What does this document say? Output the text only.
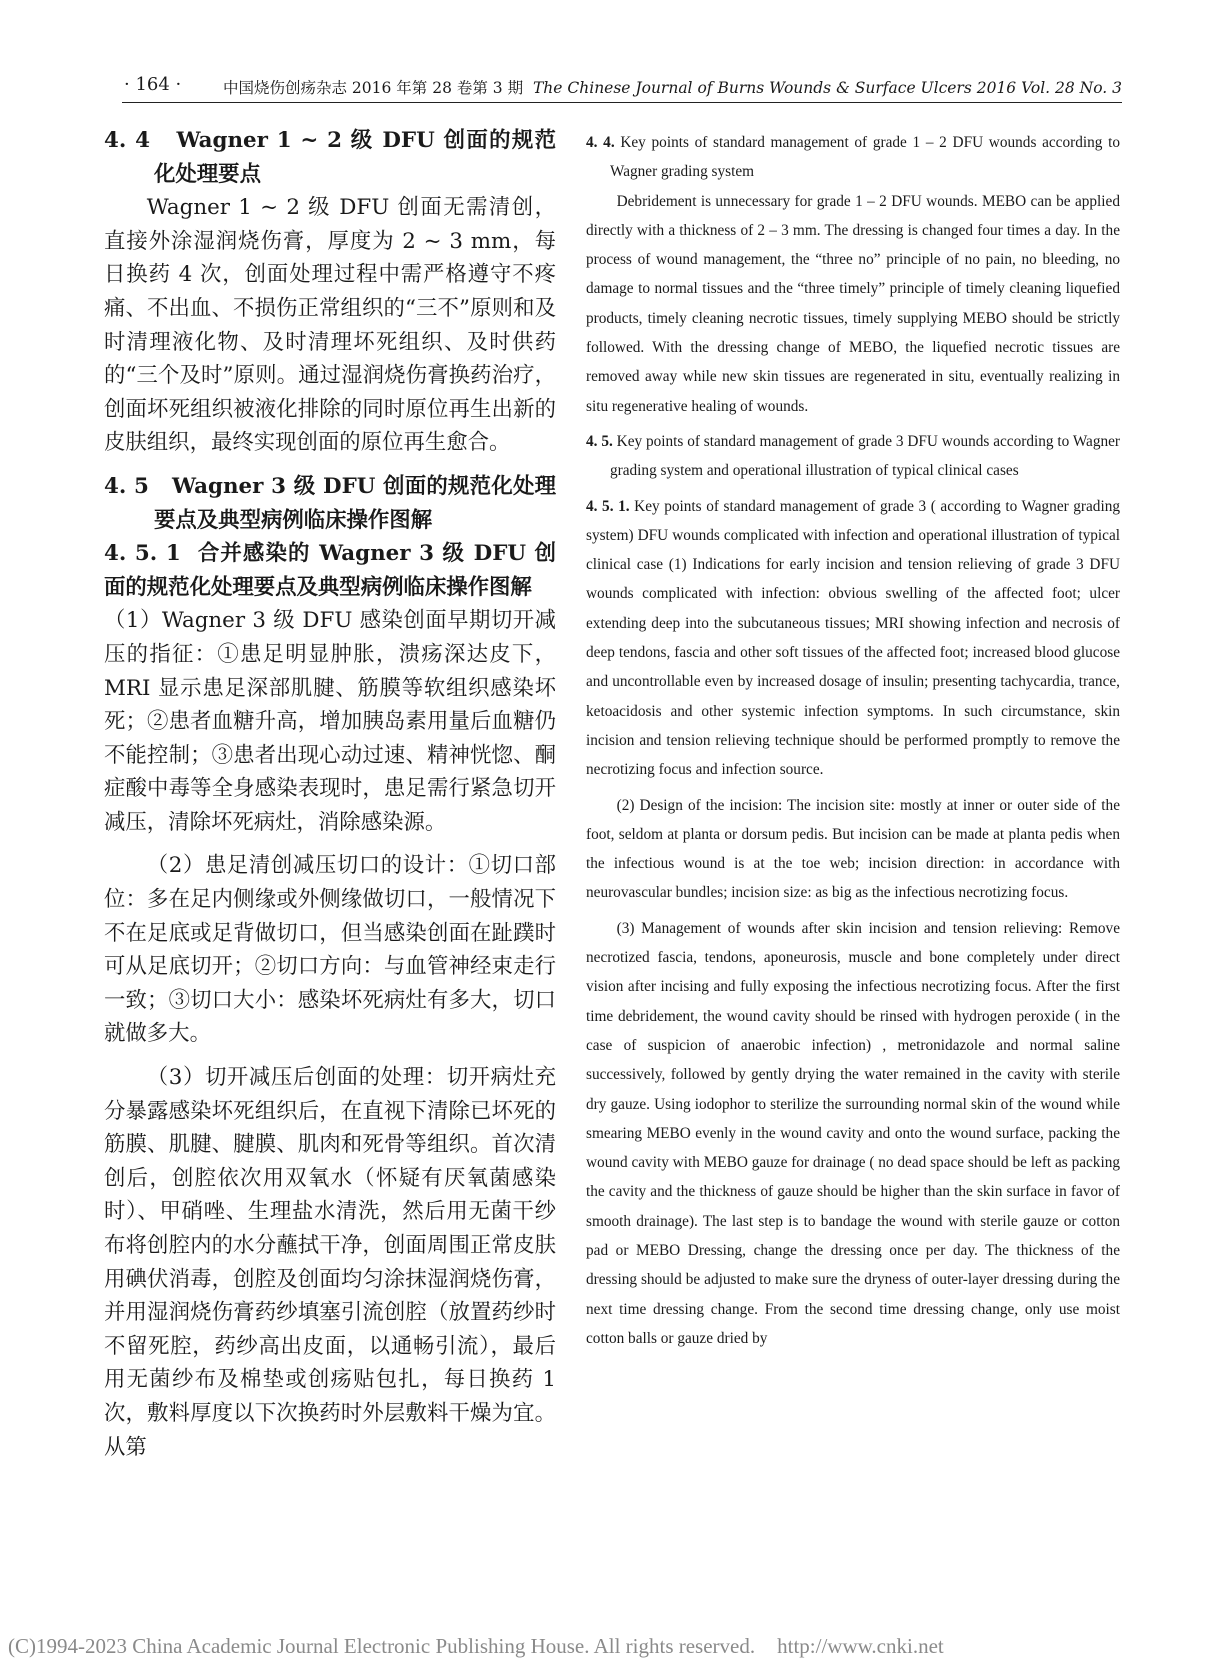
· 164 ·	中国烧伤创疡杂志 2016 年第 28 卷第 3 期 The Chinese Journal of Burns Wounds & Surface Ulcers 2016 Vol. 28 No. 3

4. 4 Wagner 1 ~ 2 级 DFU 创面的规范化处理要点

Wagner 1 ~ 2 级 DFU 创面无需清创，直接外涂湿润烧伤膏，厚度为 2 ~ 3 mm，每日换药 4 次，创面处理过程中需严格遵守不疼痛、不出血、不损伤正常组织的“三不”原则和及时清理液化物、及时清理坏死组织、及时供药的“三个及时”原则。通过湿润烧伤膏换药治疗，创面坏死组织被液化排除的同时原位再生出新的皮肤组织，最终实现创面的原位再生愈合。

4. 5 Wagner 3 级 DFU 创面的规范化处理要点及典型病例临床操作图解

4. 5. 1 合并感染的 Wagner 3 级 DFU 创面的规范化处理要点及典型病例临床操作图解

（1）Wagner 3 级 DFU 感染创面早期切开减压的指征：①患足明显肿胀，溃疡深达皮下，MRI 显示患足深部肌腱、筋膜等软组织感染坏死；②患者血糖升高，增加胰岛素用量后血糖仍不能控制；③患者出现心动过速、精神恍惚、酮症酸中毒等全身感染表现时，患足需行紧急切开减压，清除坏死病灶，消除感染源。

（2）患足清创减压切口的设计：①切口部位：多在足内侧缘或外侧缘做切口，一般情况下不在足底或足背做切口，但当感染创面在趾蹼时可从足底切开；②切口方向：与血管神经束走行一致；③切口大小：感染坏死病灶有多大，切口就做多大。

（3）切开减压后创面的处理：切开病灶充分暴露感染坏死组织后，在直视下清除已坏死的筋膜、肌腱、腱膜、肌肉和死骨等组织。首次清创后，创腔依次用双氧水（怀疑有厌氧菌感染时）、甲硝唑、生理盐水清洗，然后用无菌干纱布将创腔内的水分蘸拭干净，创面周围正常皮肤用碘伏消毒，创腔及创面均匀涂抹湿润烧伤膏，并用湿润烧伤膏药纱填塞引流创腔（放置药纱时不留死腔，药纱高出皮面，以通畅引流），最后用无菌纱布及棉垫或创疡贴包扎，每日换药 1 次，敷料厚度以下次换药时外层敷料干燥为宜。从第

4. 4. Key points of standard management of grade 1 – 2 DFU wounds according to Wagner grading system

Debridement is unnecessary for grade 1 – 2 DFU wounds. MEBO can be applied directly with a thickness of 2 – 3 mm. The dressing is changed four times a day. In the process of wound management, the “three no” principle of no pain, no bleeding, no damage to normal tissues and the “three timely” principle of timely cleaning liquefied products, timely cleaning necrotic tissues, timely supplying MEBO should be strictly followed. With the dressing change of MEBO, the liquefied necrotic tissues are removed away while new skin tissues are regenerated in situ, eventually realizing in situ regenerative healing of wounds.

4. 5. Key points of standard management of grade 3 DFU wounds according to Wagner grading system and operational illustration of typical clinical cases

4. 5. 1. Key points of standard management of grade 3 ( according to Wagner grading system) DFU wounds complicated with infection and operational illustration of typical clinical case (1) Indications for early incision and tension relieving of grade 3 DFU wounds complicated with infection: obvious swelling of the affected foot; ulcer extending deep into the subcutaneous tissues; MRI showing infection and necrosis of deep tendons, fascia and other soft tissues of the affected foot; increased blood glucose and uncontrollable even by increased dosage of insulin; presenting tachycardia, trance, ketoacidosis and other systemic infection symptoms. In such circumstance, skin incision and tension relieving technique should be performed promptly to remove the necrotizing focus and infection source.

(2) Design of the incision: The incision site: mostly at inner or outer side of the foot, seldom at planta or dorsum pedis. But incision can be made at planta pedis when the infectious wound is at the toe web; incision direction: in accordance with neurovascular bundles; incision size: as big as the infectious necrotizing focus.

(3) Management of wounds after skin incision and tension relieving: Remove necrotized fascia, tendons, aponeurosis, muscle and bone completely under direct vision after incising and fully exposing the infectious necrotizing focus. After the first time debridement, the wound cavity should be rinsed with hydrogen peroxide ( in the case of suspicion of anaerobic infection) , metronidazole and normal saline successively, followed by gently drying the water remained in the cavity with sterile dry gauze. Using iodophor to sterilize the surrounding normal skin of the wound while smearing MEBO evenly in the wound cavity and onto the wound surface, packing the wound cavity with MEBO gauze for drainage ( no dead space should be left as packing the cavity and the thickness of gauze should be higher than the skin surface in favor of smooth drainage). The last step is to bandage the wound with sterile gauze or cotton pad or MEBO Dressing, change the dressing once per day. The thickness of the dressing should be adjusted to make sure the dryness of outer-layer dressing during the next time dressing change. From the second time dressing change, only use moist cotton balls or gauze dried by

(C)1994-2023 China Academic Journal Electronic Publishing House. All rights reserved. http://www.cnki.net
